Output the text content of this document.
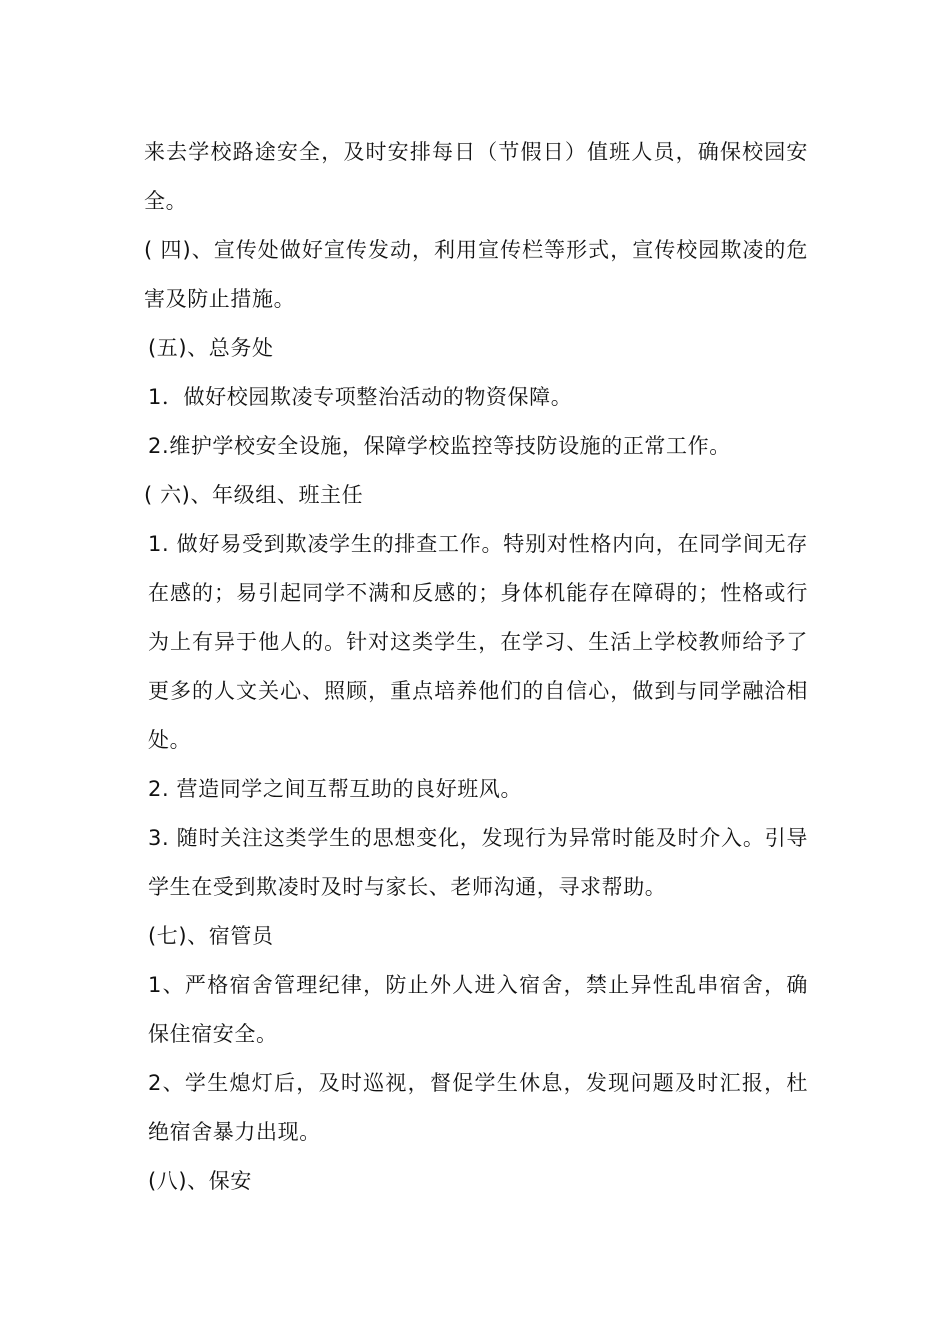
来去学校路途安全，及时安排每日（节假日）值班人员，确保校园安全。

( 四)、宣传处做好宣传发动，利用宣传栏等形式，宣传校园欺凌的危害及防止措施。

(五)、总务处

1．做好校园欺凌专项整治活动的物资保障。

2.维护学校安全设施，保障学校监控等技防设施的正常工作。

( 六)、年级组、班主任

1. 做好易受到欺凌学生的排查工作。特别对性格内向，在同学间无存在感的；易引起同学不满和反感的；身体机能存在障碍的；性格或行为上有异于他人的。针对这类学生，在学习、生活上学校教师给予了更多的人文关心、照顾，重点培养他们的自信心，做到与同学融洽相处。

2. 营造同学之间互帮互助的良好班风。

3. 随时关注这类学生的思想变化，发现行为异常时能及时介入。引导学生在受到欺凌时及时与家长、老师沟通，寻求帮助。

(七)、宿管员

1、严格宿舍管理纪律，防止外人进入宿舍，禁止异性乱串宿舍，确保住宿安全。

2、学生熄灯后，及时巡视，督促学生休息，发现问题及时汇报，杜绝宿舍暴力出现。

(八)、保安
